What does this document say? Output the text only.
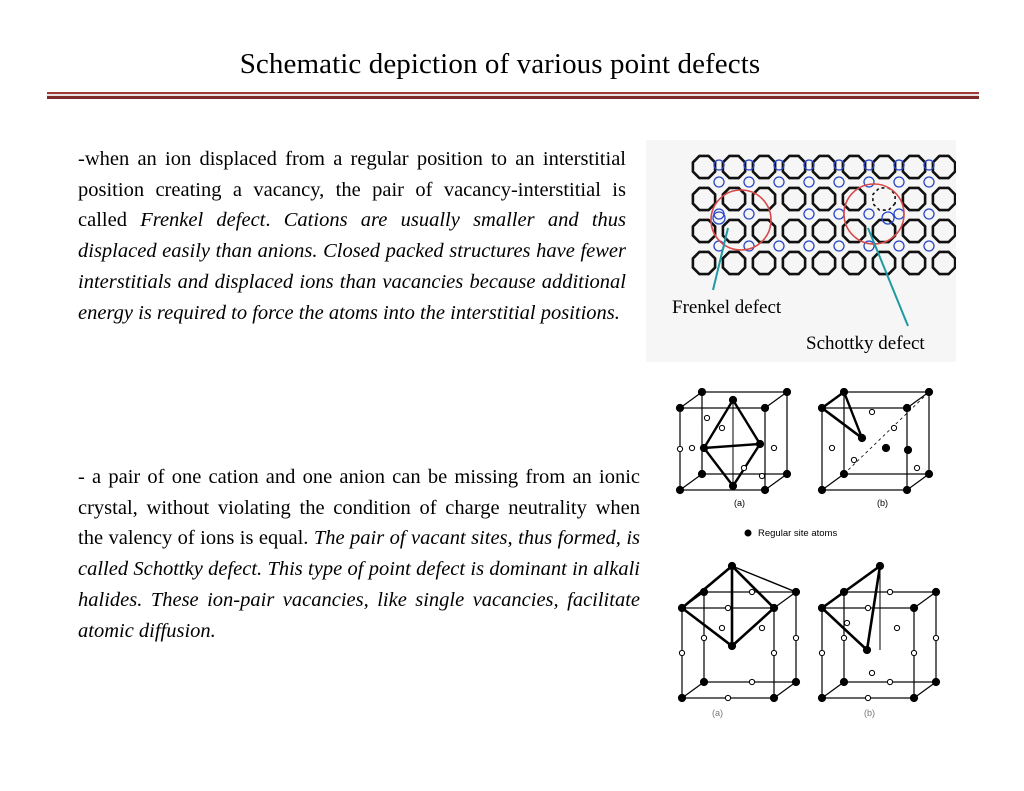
Schematic depiction of various point defects

-when an ion displaced from a regular position to an interstitial position creating a vacancy, the pair of vacancy-interstitial is called Frenkel defect. Cations are usually smaller and thus displaced easily than anions. Closed packed structures have fewer interstitials and displaced ions than vacancies because additional energy is required to force the atoms into the interstitial positions.

- a pair of one cation and one anion can be missing from an ionic crystal, without violating the condition of charge neutrality when the valency of ions is equal. The pair of vacant sites, thus formed, is called Schottky defect. This type of point defect is dominant in alkali halides. These ion-pair vacancies, like single vacancies, facilitate atomic diffusion.

Frenkel defect
Schottky defect
(a)	(b)
Regular site atoms
(a)	(b)
